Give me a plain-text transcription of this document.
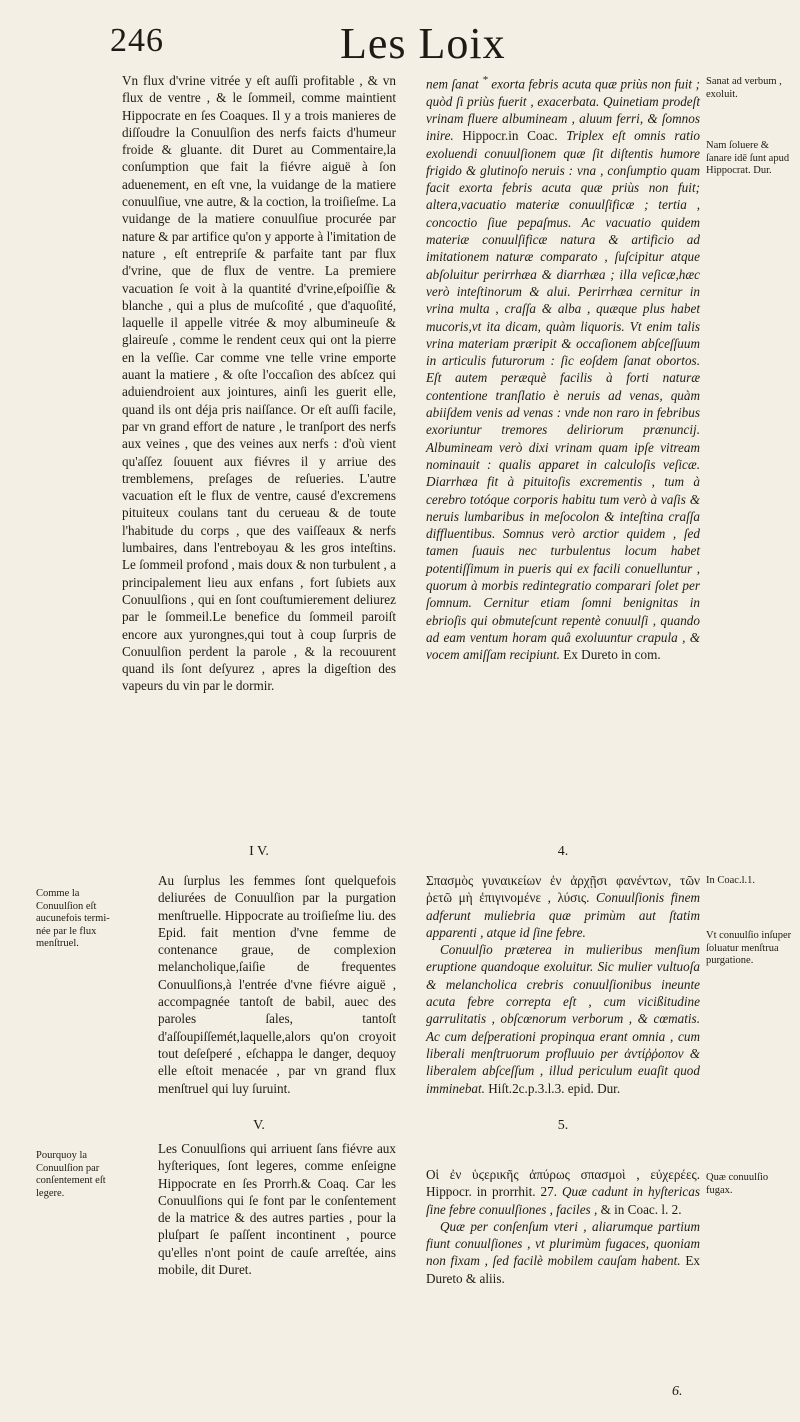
246	Les Loix

Vn flux d'vrine vitrée y eſt auſſi profitable , & vn flux de ventre , & le ſommeil, comme maintient Hippocrate en ſes Coaques. Il y a trois manieres de diſſoudre la Conuulſion des nerfs faicts d'humeur froide & gluante. dit Duret au Commentaire,la conſumption que fait la fiévre aiguë à ſon aduenement, en eſt vne, la vuidange de la matiere conuulſiue, vne autre, & la coction, la troiſieſme. La vuidange de la matiere conuulſiue procurée par nature & par artifice qu'on y apporte à l'imitation de nature , eſt entrepriſe & parfaite tant par flux d'vrine, que de flux de ventre. La premiere vacuation ſe voit à la quantité d'vrine,eſpoiſſie & blanche , qui a plus de muſcoſité , que d'aquoſité, laquelle il appelle vitrée & moy albumineuſe & glaireuſe , comme le rendent ceux qui ont la pierre en la veſſie. Car comme vne telle vrine emporte auant la matiere , & oſte l'occaſion des abſcez qui aduiendroient aux jointures, ainſi les guerit elle, quand ils ont déja pris naiſſance. Or eſt auſſi facile, par vn grand effort de nature , le tranſport des nerfs aux veines , que des veines aux nerfs : d'où vient qu'aſſez ſouuent aux fiévres il y arriue des tremblemens, preſages de reſueries. L'autre vacuation eſt le flux de ventre, causé d'excremens pituiteux coulans tant du cerueau & de toute l'habitude du corps , que des vaiſſeaux & nerfs lumbaires, dans l'entreboyau & les gros inteſtins. Le ſommeil profond , mais doux & non turbulent , a principalement lieu aux enfans , fort ſubiets aux Conuulſions , qui en ſont couſtumierement deliurez par le ſommeil.Le benefice du ſommeil paroiſt encore aux yurongnes,qui tout à coup ſurpris de Conuulſion perdent la parole , & la recouurent quand ils ſont deſyurez , apres la digeſtion des vapeurs du vin par le dormir.

nem ſanat * exorta febris acuta quæ priùs non fuit ; quòd ſi priùs fuerit , exacerbata. Quinetiam prodeſt vrinam fluere albumineam , aluum ferri, & ſomnos inire. Hippocr.in Coac. Triplex eſt omnis ratio exoluendi conuulſionem quæ ſit diſtentis humore frigido & glutinoſo neruis : vna , conſumptio quam facit exorta febris acuta quæ priùs non fuit; altera,vacuatio materiæ conuulſificæ ; tertia , concoctio ſiue pepaſmus. Ac vacuatio quidem materiæ conuulſificæ natura & artificio ad imitationem naturæ comparato , ſuſcipitur atque abſoluitur perirrhæa & diarrhæa ; illa veſicæ,hæc verò inteſtinorum & alui. Perirrhæa cernitur in vrina multa , craſſa & alba , quæque plus habet mucoris,vt ita dicam, quàm liquoris. Vt enim talis vrina materiam præripit & occaſionem abſceſſuum in articulis futurorum : ſic eoſdem ſanat obortos. Eſt autem peræquè facilis à forti naturæ contentione tranſlatio è neruis ad venas, quàm abiiſdem venis ad venas : vnde non raro in febribus exoriuntur tremores deliriorum prænuncij. Albumineam verò dixi vrinam quam ipſe vitream nominauit : qualis apparet in calculoſis veſicæ. Diarrhæa fit à pituitoſis excrementis , tum à cerebro totóque corporis habitu tum verò à vaſis & neruis lumbaribus in meſocolon & inteſtina craſſa diffluentibus. Somnus verò arctior quidem , ſed tamen ſuauis nec turbulentus locum habet potentiſſimum in pueris qui ex facili conuelluntur , quorum à morbis redintegratio comparari ſolet per ſomnum. Cernitur etiam ſomni benignitas in ebrioſis qui obmuteſcunt repentè conuulſi , quando ad eam ventum horam quâ exoluuntur crapula , & vocem amiſſam recipiunt. Ex Dureto in com.

Sanat ad verbum , exoluit.
Nam ſoluere & ſanare idē ſunt apud Hippocrat. Dur.
I V.	4.
Comme la Conuulſion eſt aucunefois termi-née par le flux menſtruel.

Au ſurplus les femmes ſont quelquefois deliurées de Conuulſion par la purgation menſtruelle. Hippocrate au troiſieſme liu. des Epid. fait mention d'vne femme de contenance graue, de complexion melancholique,ſaiſie de frequentes Conuulſions,à l'entrée d'vne fiévre aiguë , accompagnée tantoſt de babil, auec des paroles ſales, tantoſt d'aſſoupiſſemét,laquelle,alors qu'on croyoit tout deſeſperé , eſchappa le danger, dequoy elle eſtoit menacée , par vn grand flux menſtruel qui luy ſuruint.

Σπασμὸς γυναικείων ἐν ἀρχῇσι φανέντων, τῶν ῥετῶ μὴ ἐπιγινομένε , λύσις. Conuulſionis finem adferunt muliebria quæ primùm aut ſtatim apparenti , atque id ſine febre.

Conuulſio præterea in mulieribus menſium eruptione quandoque exoluitur. Sic mulier vultuoſa & melancholica crebris conuulſionibus ineunte acuta febre correpta eſt , cum vicißitudine garrulitatis , obſcœnorum verborum , & cœmatis. Ac cum deſperationi propinqua erant omnia , cum liberali menſtruorum profluuio per ἀντίῤῥοπον & liberalem abſceſſum , illud periculum euaſit quod imminebat. Hiſt.2c.p.3.l.3. epid. Dur.

In Coac.l.1.
Vt conuulſio inſuper ſoluatur menſtrua purgatione.
V.	5.
Pourquoy la Conuulſion par conſentement eſt legere.

Les Conuulſions qui arriuent ſans fiévre aux hyſteriques, ſont legeres, comme enſeigne Hippocrate en ſes Prorrh.& Coaq. Car les Conuulſions qui ſe font par le conſentement de la matrice & des autres parties , pour la pluſpart ſe paſſent incontinent , pource qu'elles n'ont point de cauſe arreſtée, ains mobile, dit Duret.

Οἱ ἐν ὑϛερικῆς ἀπύρως σπασμοὶ , εὐχερέες. Hippocr. in prorrhit. 27. Quæ cadunt in hyſtericas ſine febre conuulſiones , faciles , & in Coac. l. 2.

Quæ per conſenſum vteri , aliarumque partium fiunt conuulſiones , vt plurimùm fugaces, quoniam non fixam , ſed facilè mobilem cauſam habent. Ex Dureto & aliis.

Quæ conuulſio fugax.
6.
